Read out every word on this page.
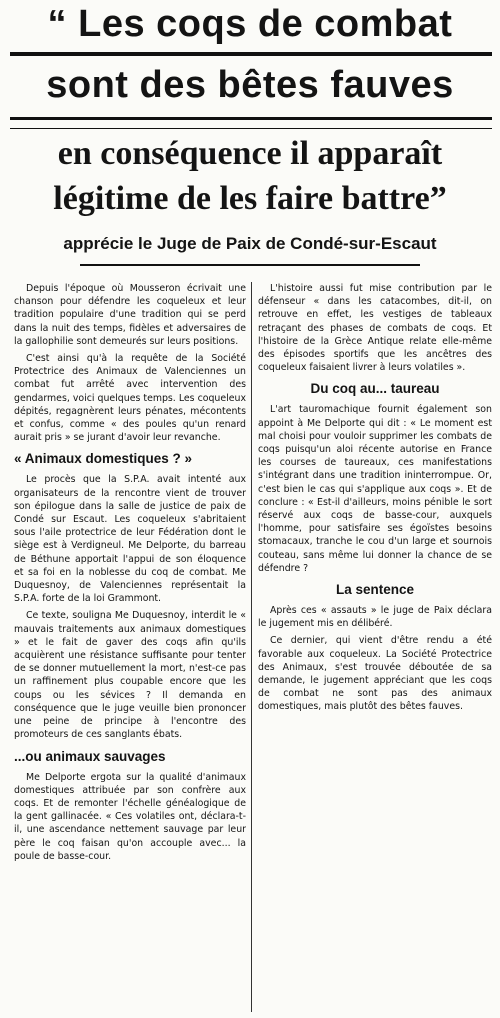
“ Les coqs de combat
sont des bêtes fauves
en conséquence il apparaît
légitime de les faire battre”
apprécie le Juge de Paix de Condé-sur-Escaut

Depuis l'époque où Mousseron écrivait une chanson pour défendre les coqueleux et leur tradition populaire d'une tradition qui se perd dans la nuit des temps, fidèles et adversaires de la gallophilie sont demeurés sur leurs positions.

C'est ainsi qu'à la requête de la Société Protectrice des Animaux de Valenciennes un combat fut arrêté avec intervention des gendarmes, voici quelques temps. Les coqueleux dépités, regagnèrent leurs pénates, mécontents et confus, comme « des poules qu'un renard aurait pris » se jurant d'avoir leur revanche.

« Animaux domestiques ? »

Le procès que la S.P.A. avait intenté aux organisateurs de la rencontre vient de trouver son épilogue dans la salle de justice de paix de Condé sur Escaut. Les coqueleux s'abritaient sous l'aile protectrice de leur Fédération dont le siège est à Verdigneul. Me Delporte, du barreau de Béthune apportait l'appui de son éloquence et sa foi en la noblesse du coq de combat. Me Duquesnoy, de Valenciennes représentait la S.P.A. forte de la loi Grammont.

Ce texte, souligna Me Duquesnoy, interdit le « mauvais traitements aux animaux domestiques » et le fait de gaver des coqs afin qu'ils acquièrent une résistance suffisante pour tenter de se donner mutuellement la mort, n'est-ce pas un raffinement plus coupable encore que les coups ou les sévices ? Il demanda en conséquence que le juge veuille bien prononcer une peine de principe à l'encontre des promoteurs de ces sanglants ébats.

...ou animaux sauvages

Me Delporte ergota sur la qualité d'animaux domestiques attribuée par son confrère aux coqs. Et de remonter l'échelle généalogique de la gent gallinacée. « Ces volatiles ont, déclara-t-il, une ascendance nettement sauvage par leur père le coq faisan qu'on accouple avec... la poule de basse-cour.

L'histoire aussi fut mise contribution par le défenseur « dans les catacombes, dit-il, on retrouve en effet, les vestiges de tableaux retraçant des phases de combats de coqs. Et l'histoire de la Grèce Antique relate elle-même des épisodes sportifs que les ancêtres des coqueleux faisaient livrer à leurs volatiles ».

Du coq au... taureau

L'art tauromachique fournit également son appoint à Me Delporte qui dit : « Le moment est mal choisi pour vouloir supprimer les combats de coqs puisqu'un aloi récente autorise en France les courses de taureaux, ces manifestations s'intégrant dans une tradition ininterrompue. Or, c'est bien le cas qui s'applique aux coqs ». Et de conclure : « Est-il d'ailleurs, moins pénible le sort réservé aux coqs de basse-cour, auxquels l'homme, pour satisfaire ses égoïstes besoins stomacaux, tranche le cou d'un large et sournois couteau, sans même lui donner la chance de se défendre ?

La sentence

Après ces « assauts » le juge de Paix déclara le jugement mis en délibéré.

Ce dernier, qui vient d'être rendu a été favorable aux coqueleux. La Société Protectrice des Animaux, s'est trouvée déboutée de sa demande, le jugement appréciant que les coqs de combat ne sont pas des animaux domestiques, mais plutôt des bêtes fauves.
